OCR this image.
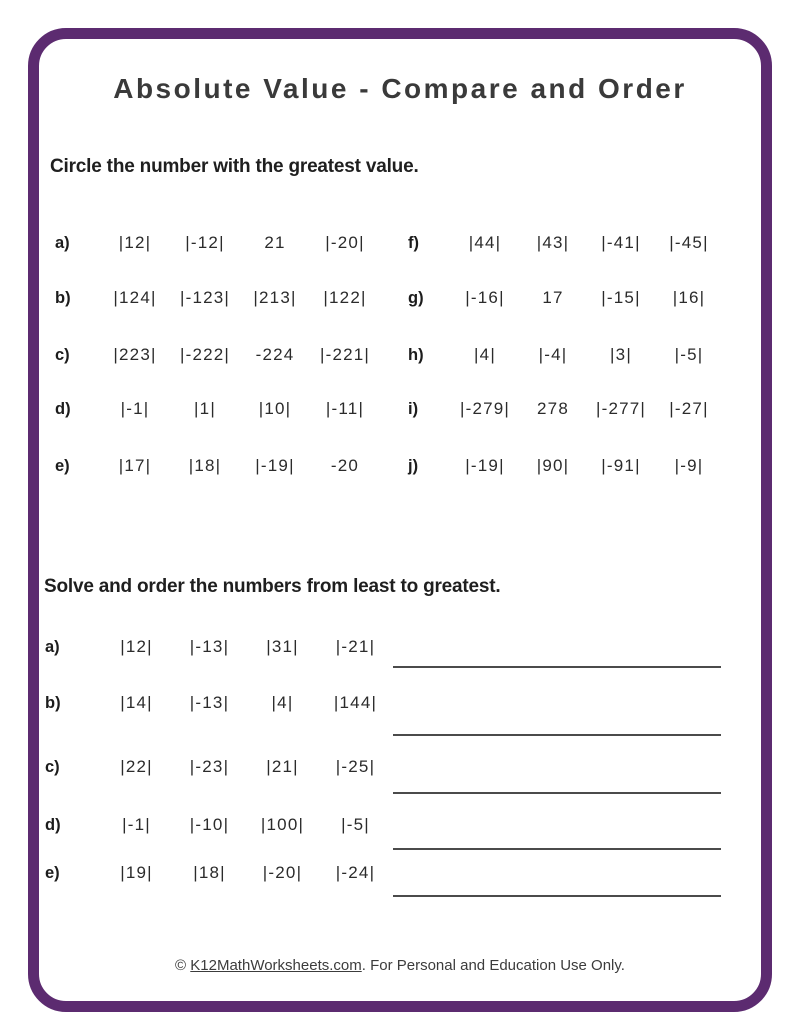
Absolute Value - Compare and Order
Circle the number with the greatest value.
a)	|12|	|-12|	21	|-20|
b)	|124|	|-123|	|213|	|122|
c)	|223|	|-222|	-224	|-221|
d)	|-1|	|1|	|10|	|-11|
e)	|17|	|18|	|-19|	-20
f)	|44|	|43|	|-41|	|-45|
g)	|-16|	17	|-15|	|16|
h)	|4|	|-4|	|3|	|-5|
i)	|-279|	278	|-277|	|-27|
j)	|-19|	|90|	|-91|	|-9|
Solve and order the numbers from least to greatest.
a)	|12|	|-13|	|31|	|-21|
b)	|14|	|-13|	|4|	|144|
c)	|22|	|-23|	|21|	|-25|
d)	|-1|	|-10|	|100|	|-5|
e)	|19|	|18|	|-20|	|-24|
© K12MathWorksheets.com. For Personal and Education Use Only.
